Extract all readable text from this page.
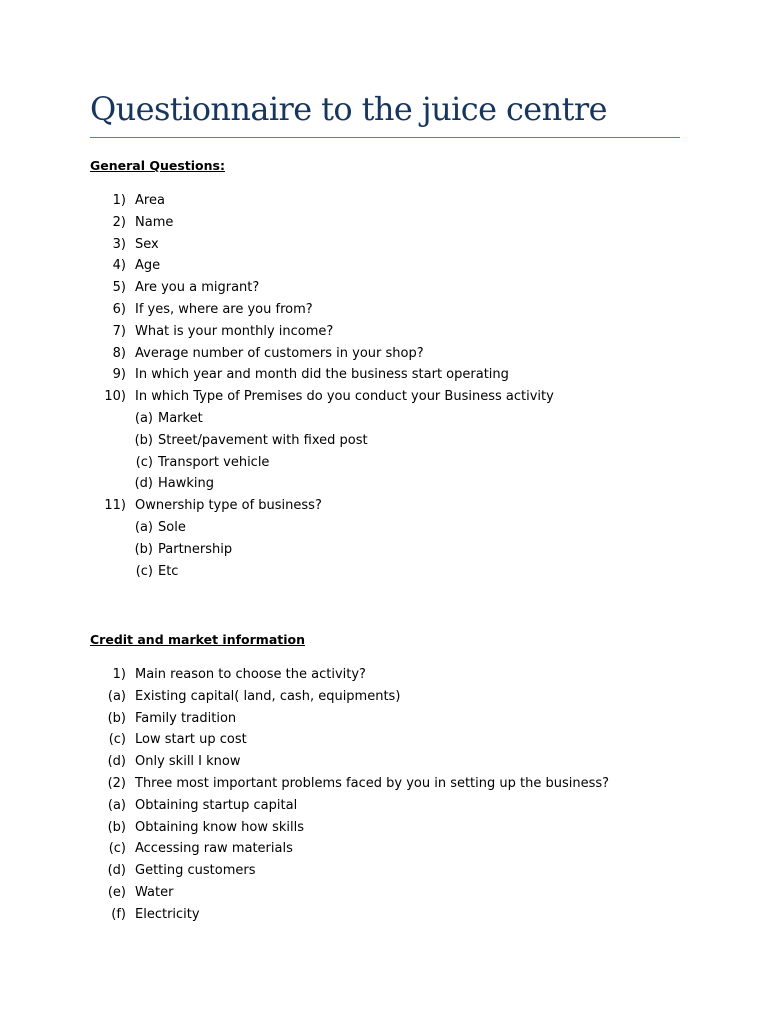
Questionnaire to the juice centre
General Questions:
1) Area
2) Name
3) Sex
4) Age
5) Are you a migrant?
6) If yes, where are you from?
7) What is your monthly income?
8) Average number of customers in your shop?
9) In which year and month did the business start operating
10) In which Type of Premises do you conduct your Business activity
(a) Market
(b) Street/pavement with fixed post
(c) Transport vehicle
(d) Hawking
11) Ownership type of business?
(a) Sole
(b) Partnership
(c) Etc
Credit and market information
1) Main reason to choose the activity?
(a) Existing capital( land, cash, equipments)
(b) Family tradition
(c) Low start up cost
(d) Only skill I know
(2) Three most important problems faced by you in setting up the business?
(a) Obtaining startup capital
(b) Obtaining know how skills
(c) Accessing raw materials
(d) Getting customers
(e) Water
(f) Electricity
